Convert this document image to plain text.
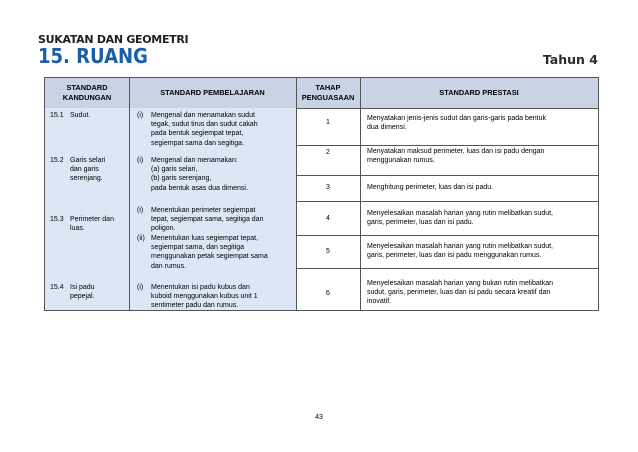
SUKATAN DAN GEOMETRI
15. RUANG	Tahun 4
STANDARD
KANDUNGAN
STANDARD PEMBELAJARAN
TAHAP
PENGUASAAN
STANDARD PRESTASI
15.1 Sudut.
15.2 Garis selari
dan garis
serenjang.
15.3 Perimeter dan
luas.
15.4 Isi padu
pepejal.
(i) Mengenal dan menamakan sudut
tegak, sudut tirus dan sudut cakah
pada bentuk segiempat tepat,
segiempat sama dan segitiga.
(i) Mengenal dan menamakan:
(a) garis selari,
(b) garis serenjang,
pada bentuk asas dua dimensi.
(i) Menentukan perimeter segiempat
tepat, segiempat sama, segitiga dan
poligon.
(ii) Menentukan luas segiempat tepat,
segiempat sama, dan segitiga
menggunakan petak segiempat sama
dan rumus.
(i) Menentukan isi padu kubus dan
kuboid menggunakan kubus unit 1
sentimeter padu dan rumus.
1
2
3
4
5
6
Menyatakan jenis-jenis sudut dan garis-garis pada bentuk
dua dimensi.
Menyatakan maksud perimeter, luas dan isi padu dengan
menggunakan rumus.
Menghitung perimeter, luas dan isi padu.
Menyelesaikan masalah harian yang rutin melibatkan sudut,
garis, perimeter, luas dan isi padu.
Menyelesaikan masalah harian yang rutin melibatkan sudut,
garis, perimeter, luas dan isi padu menggunakan rumus.
Menyelesaikan masalah harian yang bukan rutin melibatkan
sudut, garis, perimeter, luas dan isi padu secara kreatif dan
inovatif.
43
